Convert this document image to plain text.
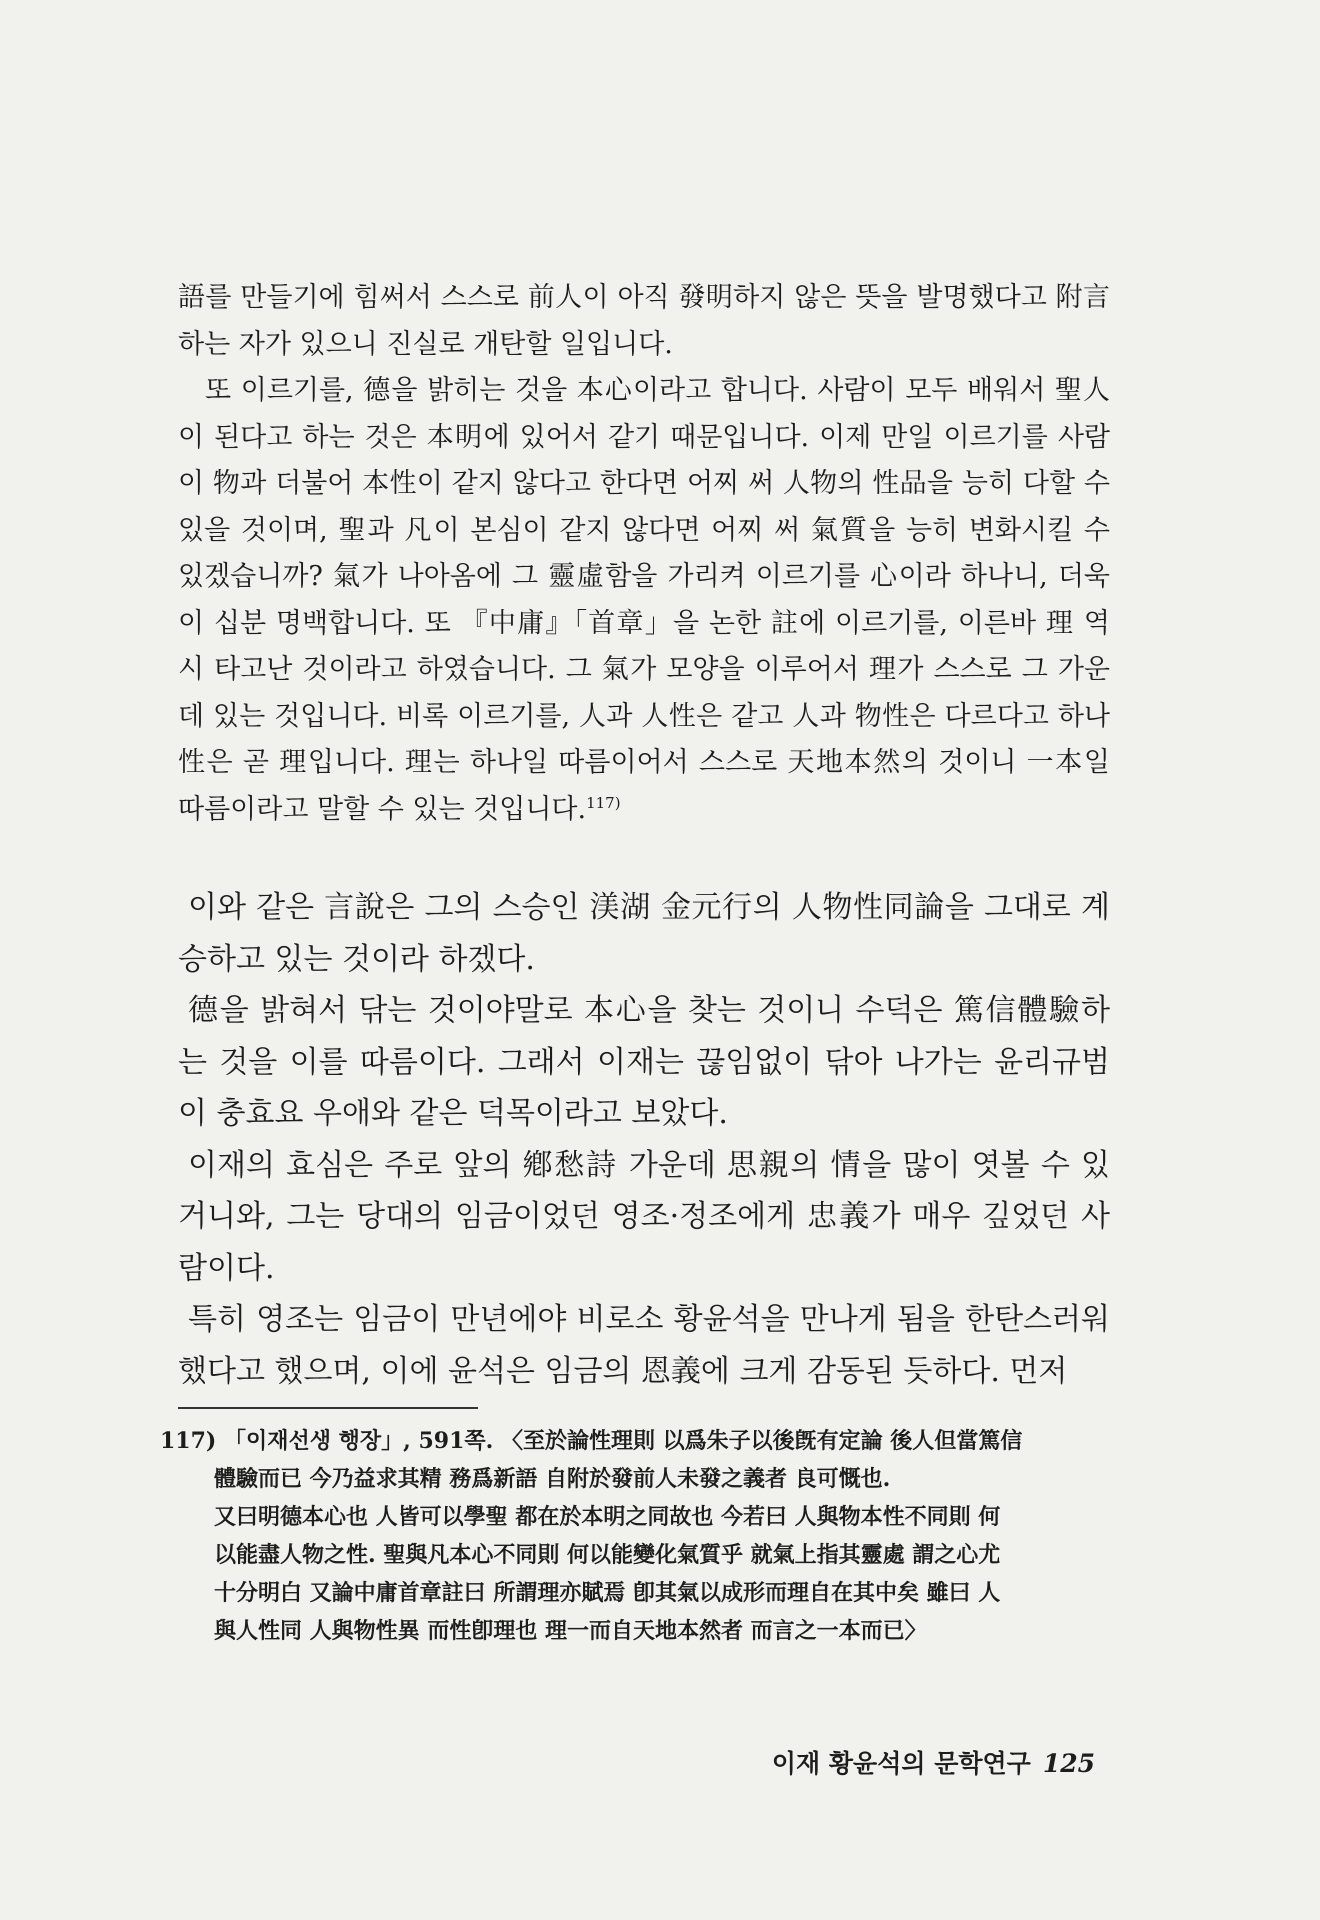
語를 만들기에 힘써서 스스로 前人이 아직 發明하지 않은 뜻을 발명했다고 附言하는 자가 있으니 진실로 개탄할 일입니다.

또 이르기를, 德을 밝히는 것을 本心이라고 합니다. 사람이 모두 배워서 聖人이 된다고 하는 것은 本明에 있어서 같기 때문입니다. 이제 만일 이르기를 사람이 物과 더불어 本性이 같지 않다고 한다면 어찌 써 人物의 性品을 능히 다할 수 있을 것이며, 聖과 凡이 본심이 같지 않다면 어찌 써 氣質을 능히 변화시킬 수 있겠습니까? 氣가 나아옴에 그 靈虛함을 가리켜 이르기를 心이라 하나니, 더욱이 십분 명백합니다. 또 『中庸』「首章」을 논한 註에 이르기를, 이른바 理 역시 타고난 것이라고 하였습니다. 그 氣가 모양을 이루어서 理가 스스로 그 가운데 있는 것입니다. 비록 이르기를, 人과 人性은 같고 人과 物性은 다르다고 하나 性은 곧 理입니다. 理는 하나일 따름이어서 스스로 天地本然의 것이니 一本일 따름이라고 말할 수 있는 것입니다.$^{117)}$

이와 같은 言說은 그의 스승인 渼湖 金元行의 人物性同論을 그대로 계승하고 있는 것이라 하겠다.

德을 밝혀서 닦는 것이야말로 本心을 찾는 것이니 수덕은 篤信體驗하는 것을 이를 따름이다. 그래서 이재는 끊임없이 닦아 나가는 윤리규범이 충효요 우애와 같은 덕목이라고 보았다.

이재의 효심은 주로 앞의 鄕愁詩 가운데 思親의 情을 많이 엿볼 수 있거니와, 그는 당대의 임금이었던 영조·정조에게 忠義가 매우 깊었던 사람이다.

특히 영조는 임금이 만년에야 비로소 황윤석을 만나게 됨을 한탄스러워했다고 했으며, 이에 윤석은 임금의 恩義에 크게 감동된 듯하다. 먼저

117) 「이재선생 행장」, 591쪽. 〈至於論性理則 以爲朱子以後旣有定論 後人但當篤信
體驗而已 今乃益求其精 務爲新語 自附於發前人未發之義者 良可慨也.
又曰明德本心也 人皆可以學聖 都在於本明之同故也 今若曰 人與物本性不同則 何
以能盡人物之性. 聖與凡本心不同則 何以能變化氣質乎 就氣上指其靈處 謂之心尤
十分明白 又論中庸首章註曰 所謂理亦賦焉 卽其氣以成形而理自在其中矣 雖曰 人
與人性同 人與物性異 而性卽理也 理一而自天地本然者 而言之一本而已〉
이재 황윤석의 문학연구 125
